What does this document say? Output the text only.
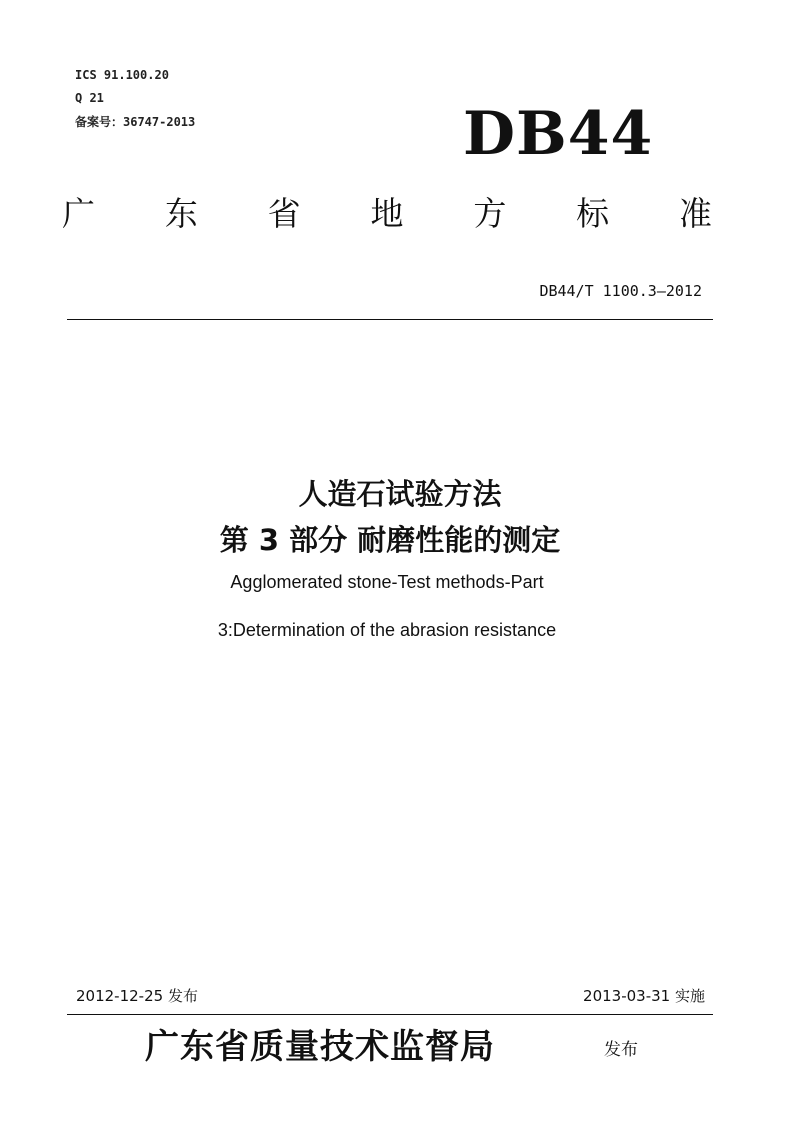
ICS 91.100.20
Q 21
备案号：36747-2013	DB44
广 东 省 地 方 标 准
DB44/T 1100.3—2012
人造石试验方法
第 3 部分 耐磨性能的测定
Agglomerated stone-Test methods-Part
3:Determination of the abrasion resistance
2012-12-25 发布	2013-03-31 实施
广东省质量技术监督局	发布
